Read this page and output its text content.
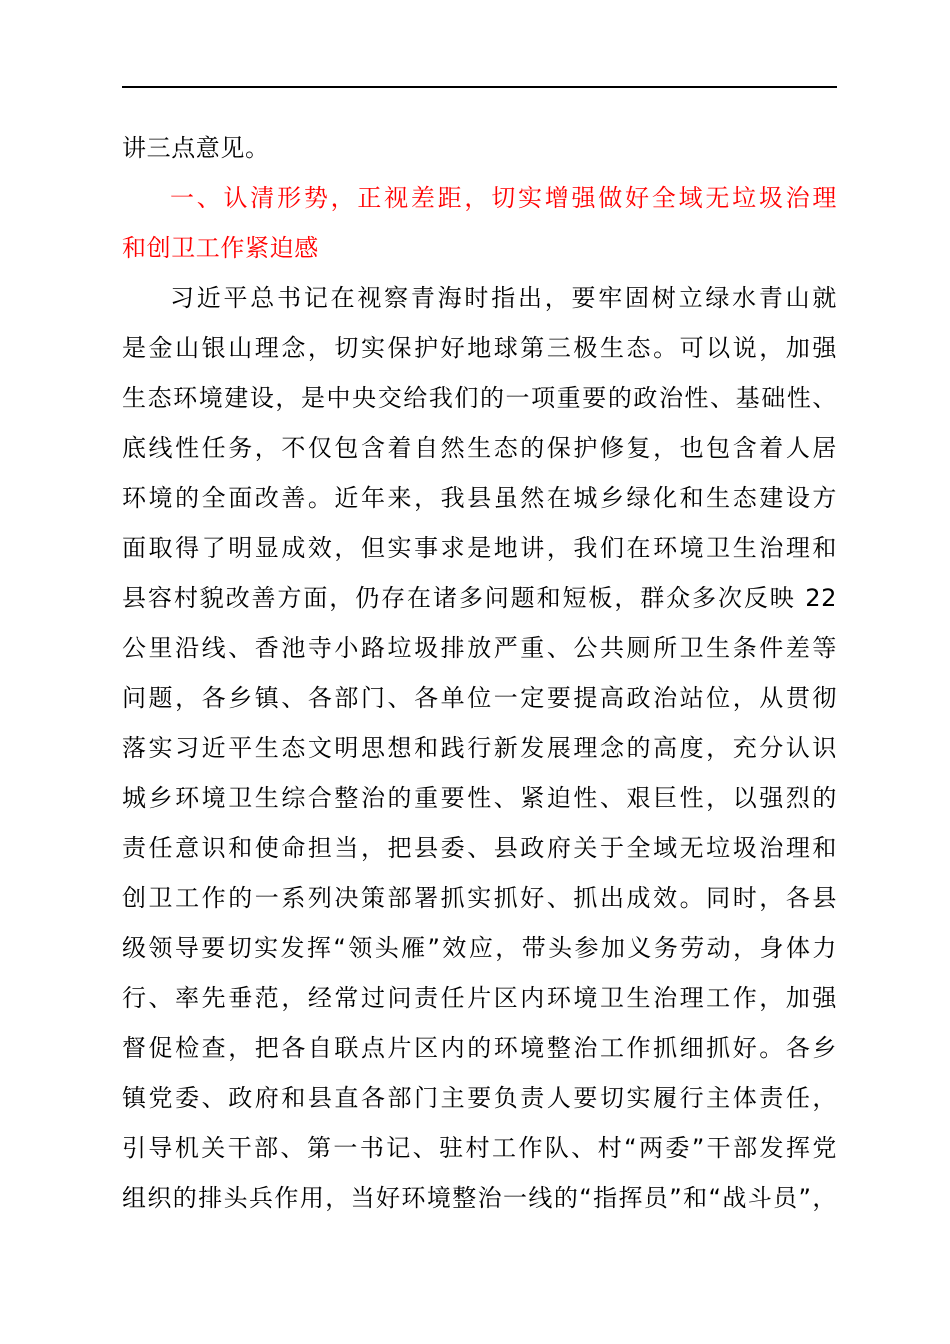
讲三点意见。
一、认清形势，正视差距，切实增强做好全域无垃圾治理
和创卫工作紧迫感
习近平总书记在视察青海时指出，要牢固树立绿水青山就
是金山银山理念，切实保护好地球第三极生态。可以说，加强
生态环境建设，是中央交给我们的一项重要的政治性、基础性、
底线性任务，不仅包含着自然生态的保护修复，也包含着人居
环境的全面改善。近年来，我县虽然在城乡绿化和生态建设方
面取得了明显成效，但实事求是地讲，我们在环境卫生治理和
县容村貌改善方面，仍存在诸多问题和短板，群众多次反映 22
公里沿线、香池寺小路垃圾排放严重、公共厕所卫生条件差等
问题，各乡镇、各部门、各单位一定要提高政治站位，从贯彻
落实习近平生态文明思想和践行新发展理念的高度，充分认识
城乡环境卫生综合整治的重要性、紧迫性、艰巨性，以强烈的
责任意识和使命担当，把县委、县政府关于全域无垃圾治理和
创卫工作的一系列决策部署抓实抓好、抓出成效。同时，各县
级领导要切实发挥“领头雁”效应，带头参加义务劳动，身体力
行、率先垂范，经常过问责任片区内环境卫生治理工作，加强
督促检查，把各自联点片区内的环境整治工作抓细抓好。各乡
镇党委、政府和县直各部门主要负责人要切实履行主体责任，
引导机关干部、第一书记、驻村工作队、村“两委”干部发挥党
组织的排头兵作用，当好环境整治一线的“指挥员”和“战斗员”，
